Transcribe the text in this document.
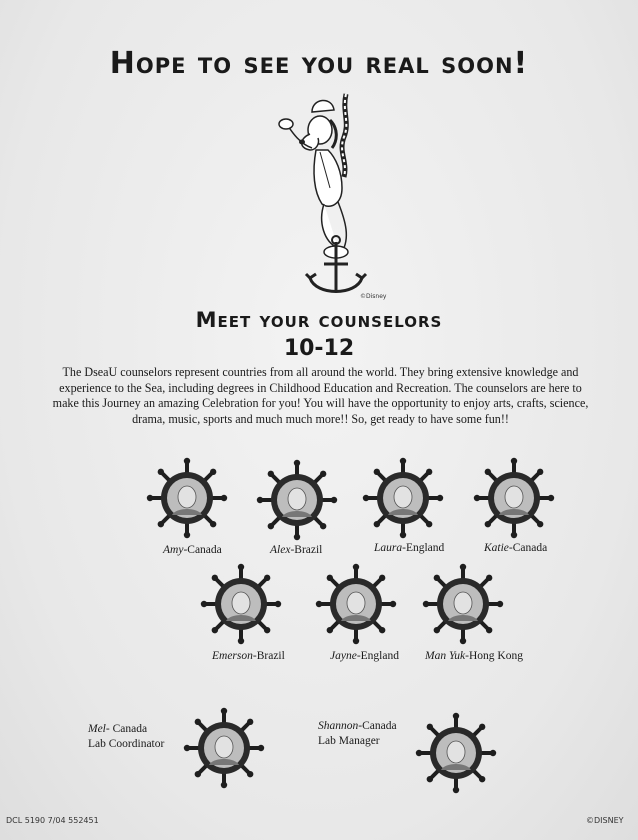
Hope to see you real soon!
©Disney
Meet your counselors
10-12
The DseaU counselors represent countries from all around the world. They bring extensive knowledge and experience to the Sea, including degrees in Childhood Education and Recreation. The counselors are here to make this Journey an amazing Celebration for you! You will have the opportunity to enjoy arts, crafts, science, drama, music, sports and much much more!! So, get ready to have some fun!!
Amy-Canada	Alex-Brazil	Laura-England	Katie-Canada
Emerson-Brazil	Jayne-England Man Yuk-Hong Kong
Mel- Canada
Lab Coordinator
Shannon-Canada
Lab Manager
DCL 5190 7/04 552451	©DISNEY
